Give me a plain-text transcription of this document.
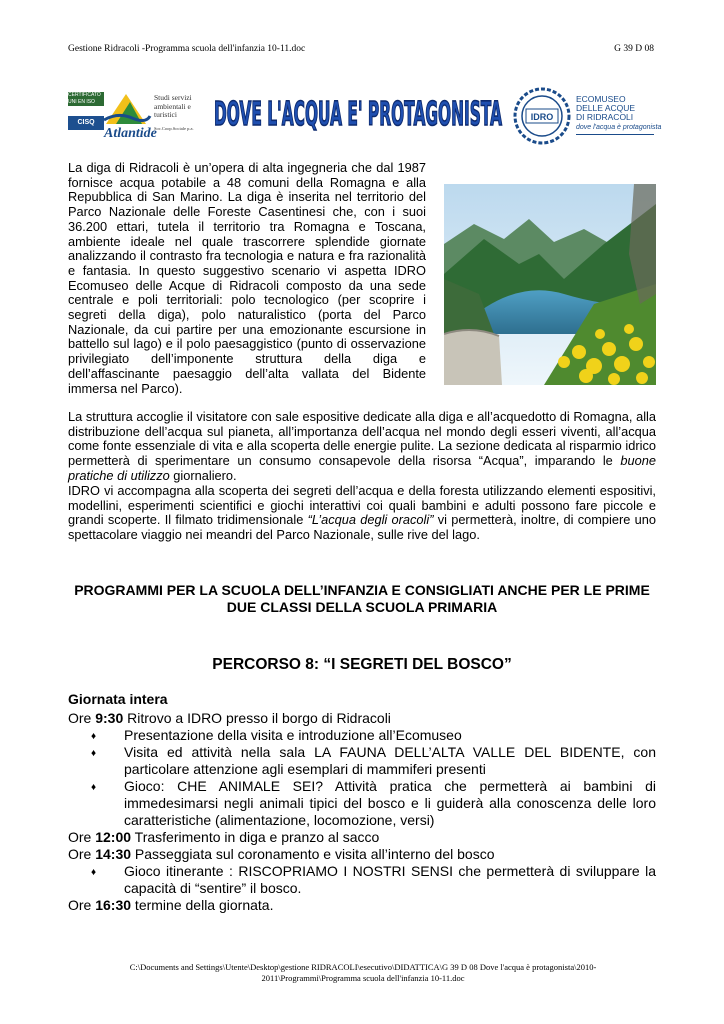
Gestione Ridracoli -Programma scuola dell'infanzia 10-11.doc	G 39 D 08
CERTIFICATO UNI EN ISO 9001
CISQ
Studi servizi ambientali e turistici
Atlantide
Soc.Coop.Sociale p.a. DOVE L'ACQUA E' PROTAGONISTA	IDRO
ECOMUSEO
DELLE ACQUE
DI RIDRACOLI
dove l'acqua è protagonista
La diga di Ridracoli è un’opera di alta ingegneria che dal 1987 fornisce acqua potabile a 48 comuni della Romagna e alla Repubblica di San Marino. La diga è inserita nel territorio del Parco Nazionale delle Foreste Casentinesi che, con i suoi 36.200 ettari, tutela il territorio tra Romagna e Toscana, ambiente ideale nel quale trascorrere splendide giornate analizzando il contrasto fra tecnologia e natura e fra razionalità e fantasia. In questo suggestivo scenario vi aspetta IDRO Ecomuseo delle Acque di Ridracoli composto da una sede centrale e poli territoriali: polo tecnologico (per scoprire i segreti della diga), polo naturalistico (porta del Parco Nazionale, da cui partire per una emozionante escursione in battello sul lago) e il polo paesaggistico (punto di osservazione privilegiato dell’imponente struttura della diga e dell’affascinante paesaggio dell’alta vallata del Bidente immersa nel Parco).
La struttura accoglie il visitatore con sale espositive dedicate alla diga e all’acquedotto di Romagna, alla distribuzione dell’acqua sul pianeta, all’importanza dell’acqua nel mondo degli esseri viventi, all’acqua come fonte essenziale di vita e alla scoperta delle energie pulite. La sezione dedicata al risparmio idrico permetterà di sperimentare un consumo consapevole della risorsa “Acqua”, imparando le buone pratiche di utilizzo giornaliero.
IDRO vi accompagna alla scoperta dei segreti dell’acqua e della foresta utilizzando elementi espositivi, modellini, esperimenti scientifici e giochi interattivi coi quali bambini e adulti possono fare piccole e grandi scoperte. Il filmato tridimensionale “L’acqua degli oracoli” vi permetterà, inoltre, di compiere uno spettacolare viaggio nei meandri del Parco Nazionale, sulle rive del lago.
PROGRAMMI PER LA SCUOLA DELL’INFANZIA E CONSIGLIATI ANCHE PER LE PRIME DUE CLASSI DELLA SCUOLA PRIMARIA
PERCORSO 8: “I SEGRETI DEL BOSCO”
Giornata intera
Ore 9:30 Ritrovo a IDRO presso il borgo di Ridracoli
♦	Presentazione della visita e introduzione all’Ecomuseo
♦	Visita ed attività nella sala LA FAUNA DELL’ALTA VALLE DEL BIDENTE, con particolare attenzione agli esemplari di mammiferi presenti
♦	Gioco: CHE ANIMALE SEI? Attività pratica che permetterà ai bambini di immedesimarsi negli animali tipici del bosco e li guiderà alla conoscenza delle loro caratteristiche (alimentazione, locomozione, versi)
Ore 12:00 Trasferimento in diga e pranzo al sacco
Ore 14:30 Passeggiata sul coronamento e visita all’interno del bosco
♦	Gioco itinerante : RISCOPRIAMO I NOSTRI SENSI che permetterà di sviluppare la capacità di “sentire” il bosco.
Ore 16:30 termine della giornata.
C:\Documents and Settings\Utente\Desktop\gestione RIDRACOLI\esecutivo\DIDATTICA\G 39 D 08 Dove l'acqua è protagonista\2010-
2011\Programmi\Programma scuola dell'infanzia 10-11.doc
